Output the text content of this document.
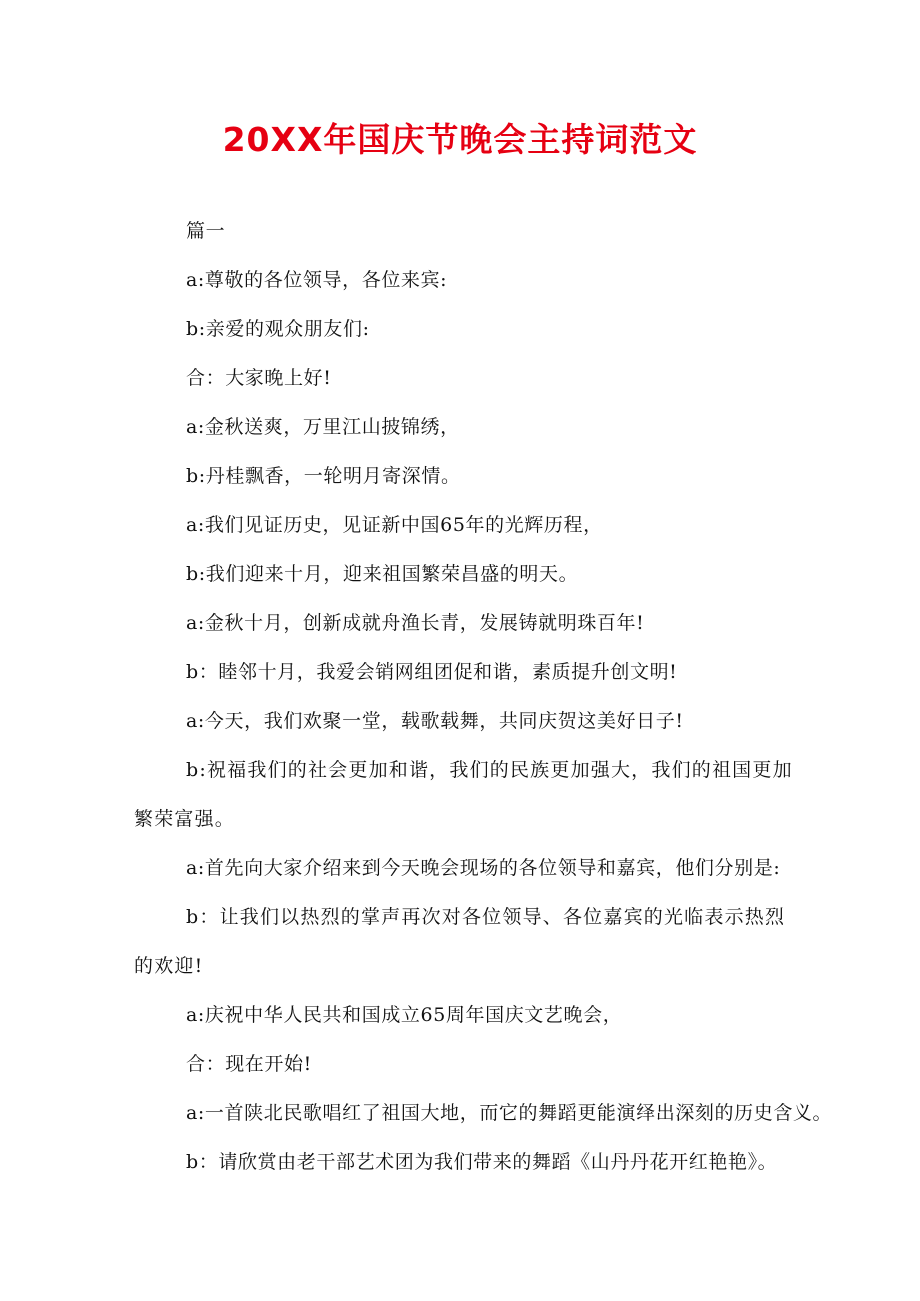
20XX年国庆节晚会主持词范文

篇一

a:尊敬的各位领导，各位来宾:

b:亲爱的观众朋友们:

合：大家晚上好!

a:金秋送爽，万里江山披锦绣，

b:丹桂飘香，一轮明月寄深情。

a:我们见证历史，见证新中国65年的光辉历程，

b:我们迎来十月，迎来祖国繁荣昌盛的明天。

a:金秋十月，创新成就舟渔长青，发展铸就明珠百年!

b：睦邻十月，我爱会销网组团促和谐，素质提升创文明!

a:今天，我们欢聚一堂，载歌载舞，共同庆贺这美好日子!

b:祝福我们的社会更加和谐，我们的民族更加强大，我们的祖国更加繁荣富强。

a:首先向大家介绍来到今天晚会现场的各位领导和嘉宾，他们分别是:

b：让我们以热烈的掌声再次对各位领导、各位嘉宾的光临表示热烈的欢迎!

a:庆祝中华人民共和国成立65周年国庆文艺晚会，

合：现在开始!

a:一首陕北民歌唱红了祖国大地，而它的舞蹈更能演绎出深刻的历史含义。

b：请欣赏由老干部艺术团为我们带来的舞蹈《山丹丹花开红艳艳》。
